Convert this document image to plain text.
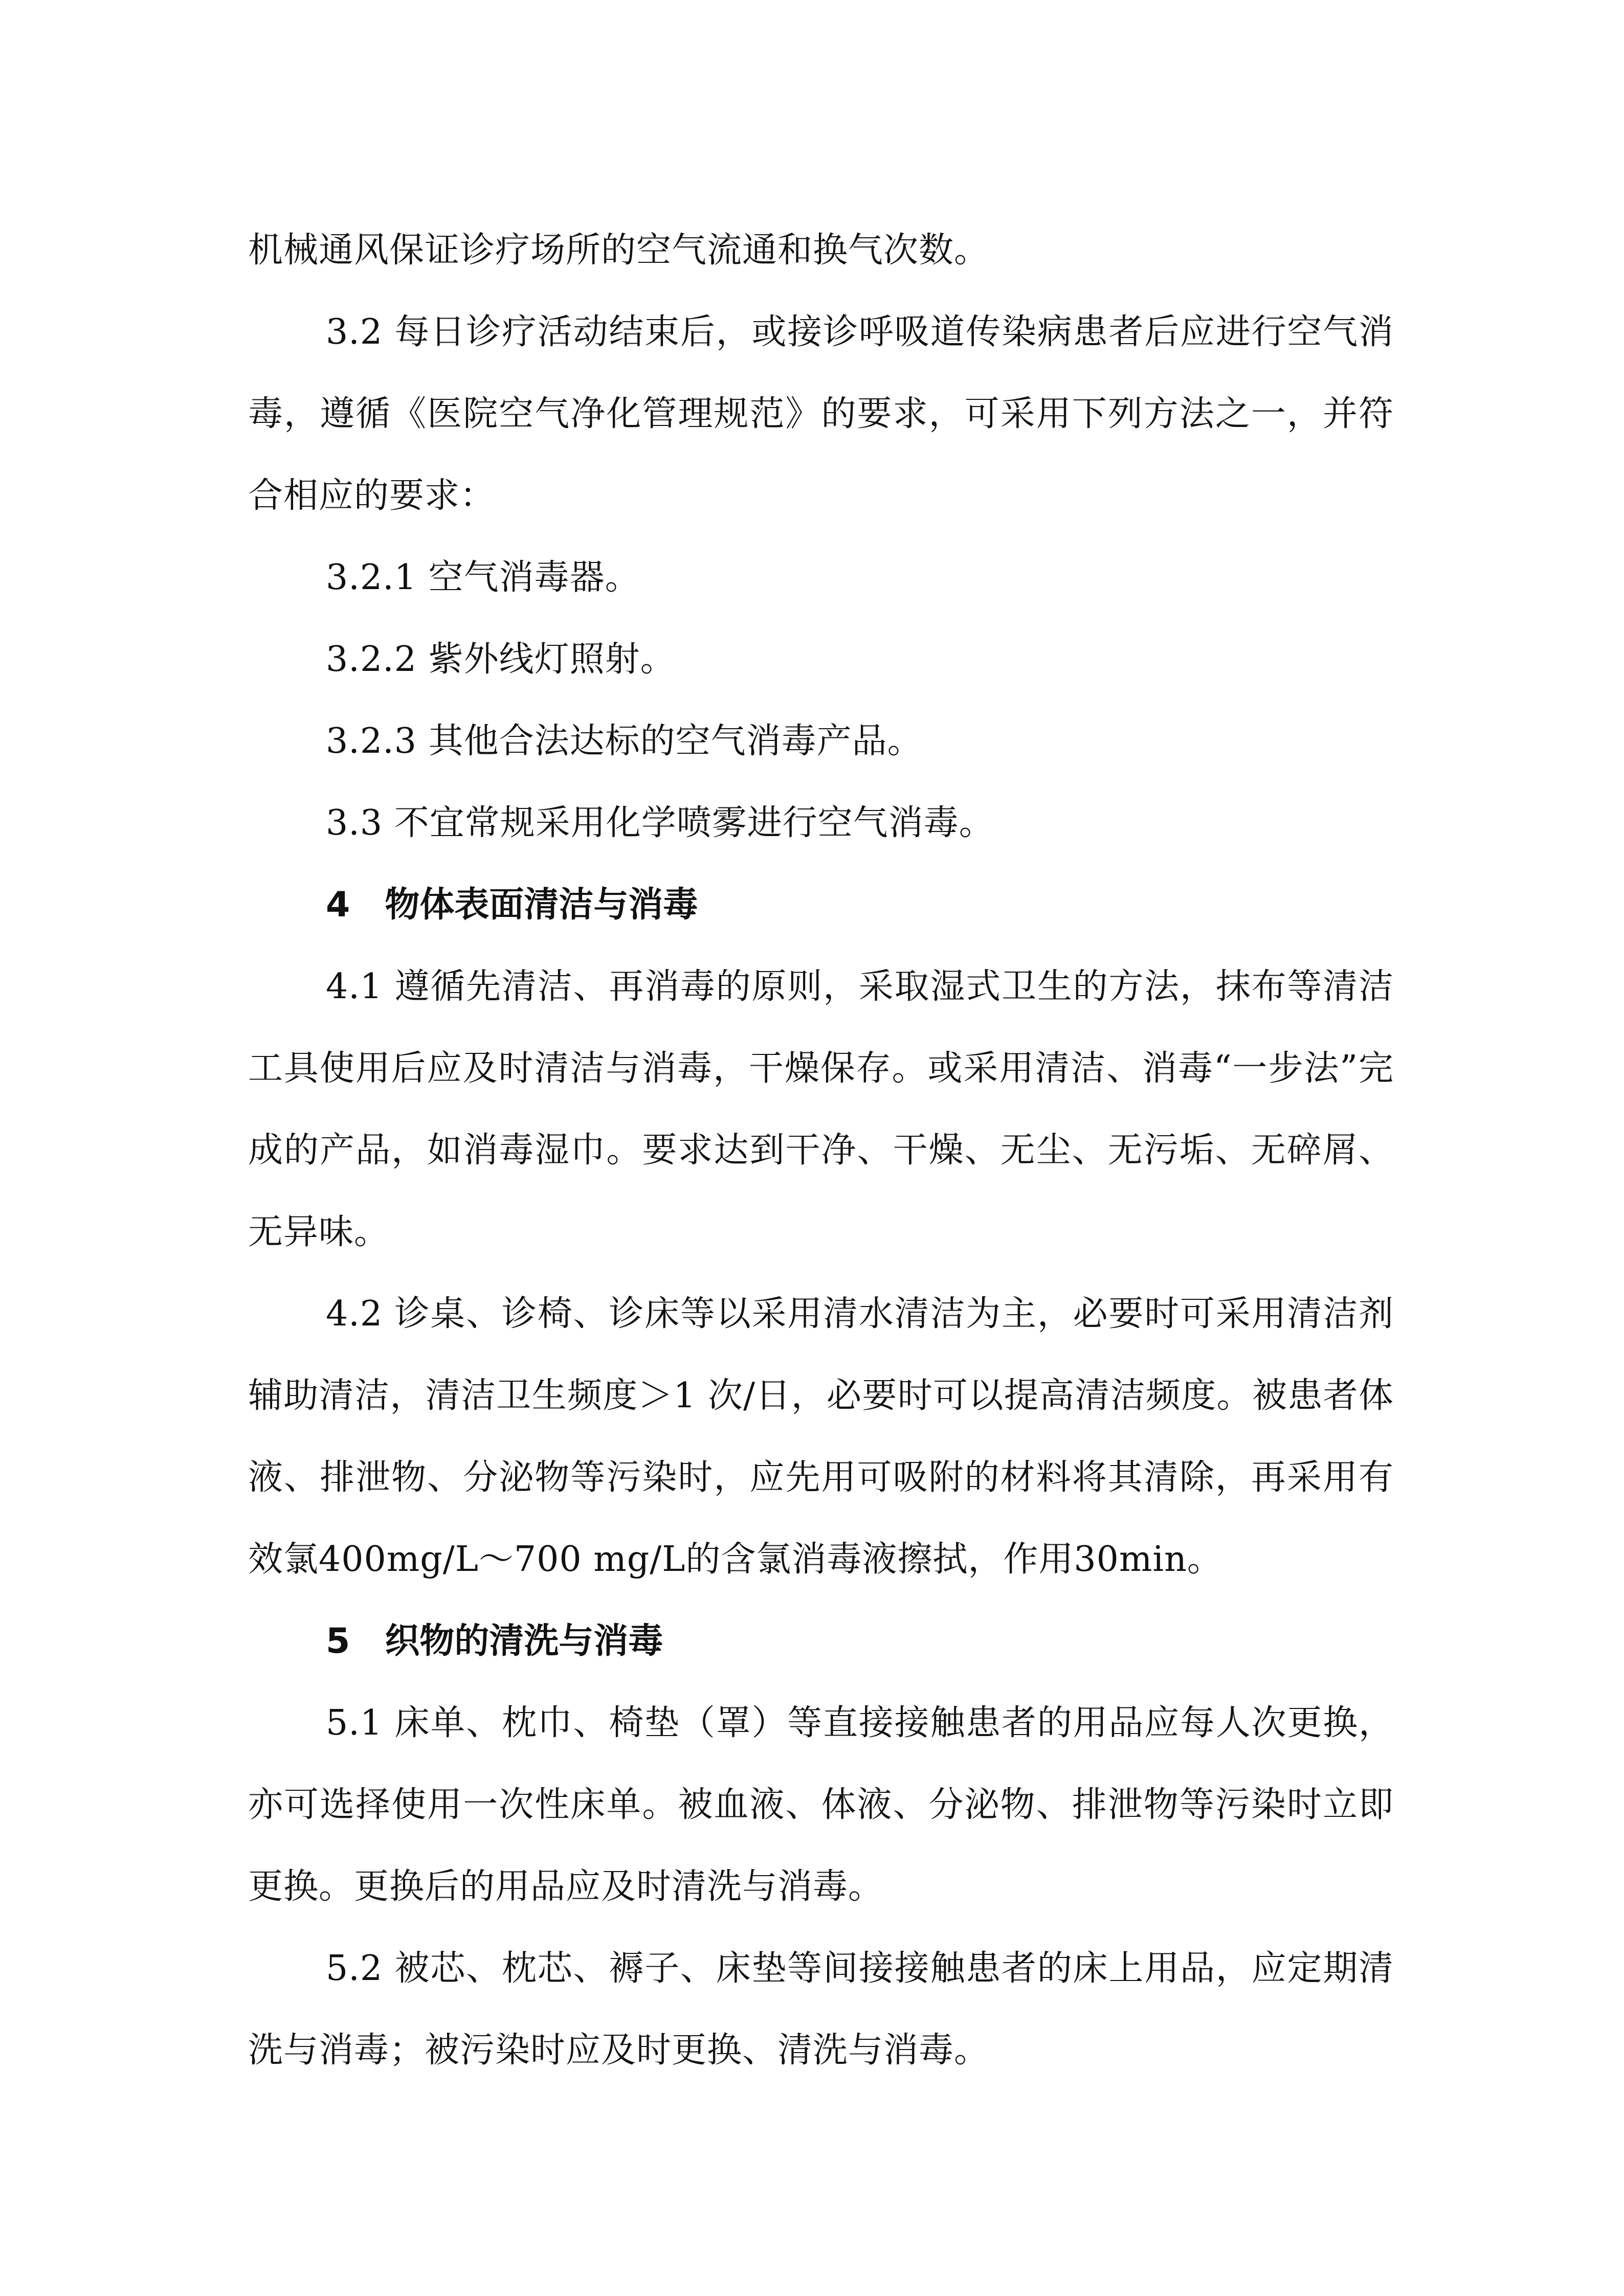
机械通风保证诊疗场所的空气流通和换气次数。

3.2 每日诊疗活动结束后，或接诊呼吸道传染病患者后应进行空气消毒，遵循《医院空气净化管理规范》的要求，可采用下列方法之一，并符合相应的要求：

3.2.1 空气消毒器。

3.2.2 紫外线灯照射。

3.2.3 其他合法达标的空气消毒产品。

3.3 不宜常规采用化学喷雾进行空气消毒。

4　物体表面清洁与消毒

4.1 遵循先清洁、再消毒的原则，采取湿式卫生的方法，抹布等清洁工具使用后应及时清洁与消毒，干燥保存。或采用清洁、消毒“一步法”完成的产品，如消毒湿巾。要求达到干净、干燥、无尘、无污垢、无碎屑、无异味。

4.2 诊桌、诊椅、诊床等以采用清水清洁为主，必要时可采用清洁剂辅助清洁，清洁卫生频度＞1 次/日，必要时可以提高清洁频度。被患者体液、排泄物、分泌物等污染时，应先用可吸附的材料将其清除，再采用有效氯400mg/L～700 mg/L的含氯消毒液擦拭，作用30min。

5　织物的清洗与消毒

5.1 床单、枕巾、椅垫（罩）等直接接触患者的用品应每人次更换，亦可选择使用一次性床单。被血液、体液、分泌物、排泄物等污染时立即更换。更换后的用品应及时清洗与消毒。

5.2 被芯、枕芯、褥子、床垫等间接接触患者的床上用品，应定期清洗与消毒；被污染时应及时更换、清洗与消毒。
